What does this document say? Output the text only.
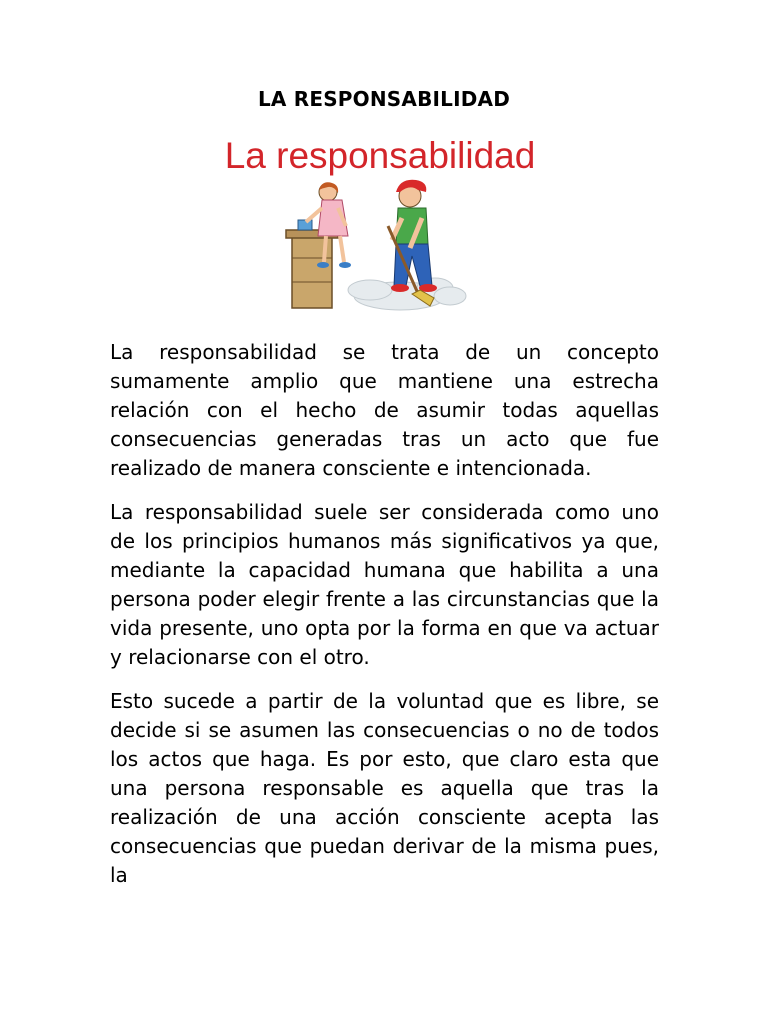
LA RESPONSABILIDAD
La responsabilidad

La responsabilidad se trata de un concepto sumamente amplio que mantiene una estrecha relación con el hecho de asumir todas aquellas consecuencias generadas tras un acto que fue realizado de manera consciente e intencionada.

La responsabilidad suele ser considerada como uno de los principios humanos más significativos ya que, mediante la capacidad humana que habilita a una persona poder elegir frente a las circunstancias que la vida presente, uno opta por la forma en que va actuar y relacionarse con el otro.

Esto sucede a partir de la voluntad que es libre, se decide si se asumen las consecuencias o no de todos los actos que haga. Es por esto, que claro esta que una persona responsable es aquella que tras la realización de una acción consciente acepta las consecuencias que puedan derivar de la misma pues, la
